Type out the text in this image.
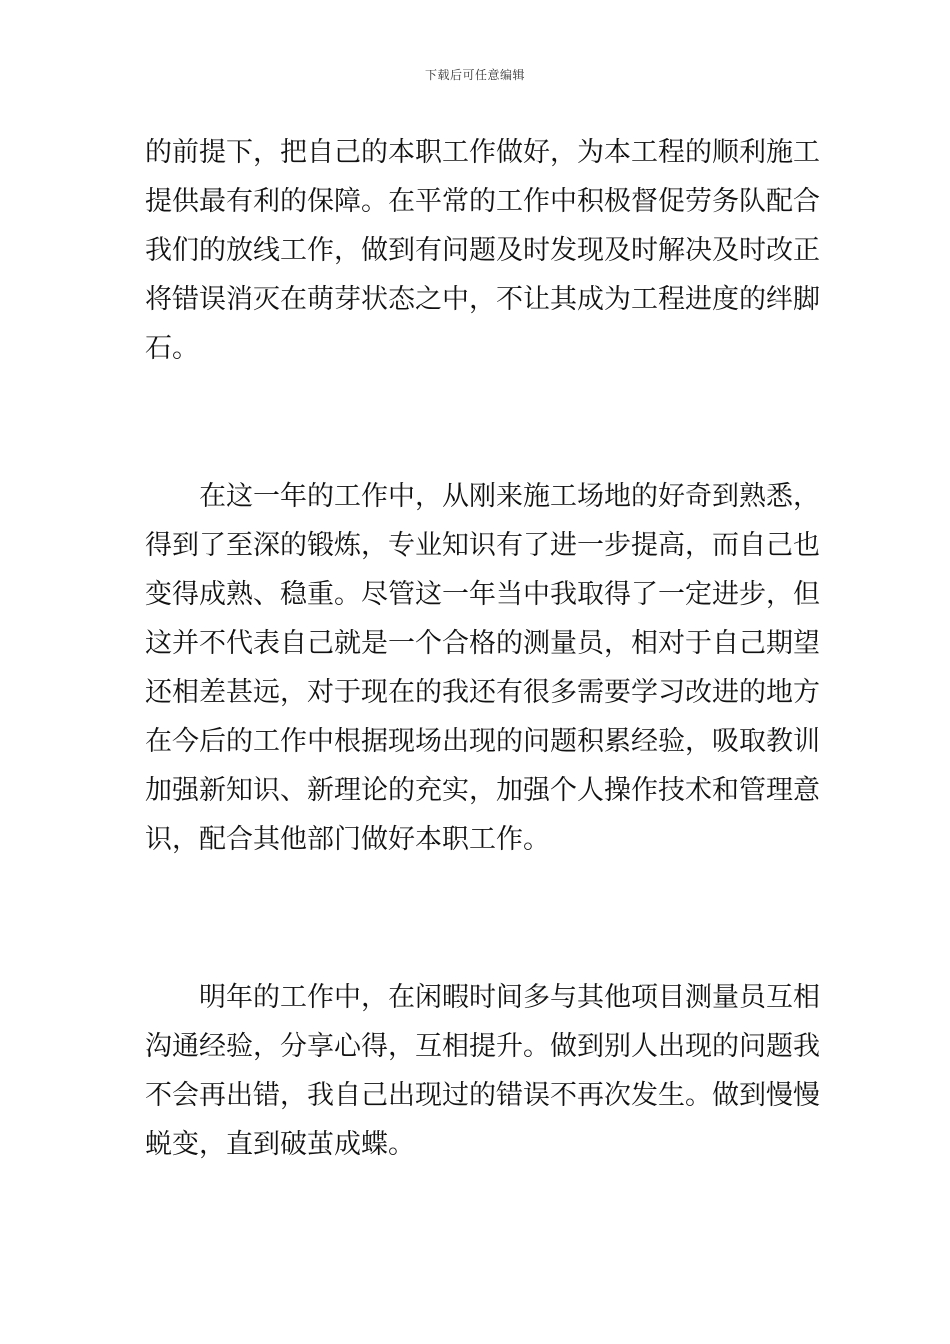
下载后可任意编辑
的前提下，把自己的本职工作做好，为本工程的顺利施工
提供最有利的保障。在平常的工作中积极督促劳务队配合
我们的放线工作，做到有问题及时发现及时解决及时改正
将错误消灭在萌芽状态之中，不让其成为工程进度的绊脚
石。
在这一年的工作中，从刚来施工场地的好奇到熟悉，
得到了至深的锻炼，专业知识有了进一步提高，而自己也
变得成熟、稳重。尽管这一年当中我取得了一定进步，但
这并不代表自己就是一个合格的测量员，相对于自己期望
还相差甚远，对于现在的我还有很多需要学习改进的地方
在今后的工作中根据现场出现的问题积累经验，吸取教训
加强新知识、新理论的充实，加强个人操作技术和管理意
识，配合其他部门做好本职工作。
明年的工作中，在闲暇时间多与其他项目测量员互相
沟通经验，分享心得，互相提升。做到别人出现的问题我
不会再出错，我自己出现过的错误不再次发生。做到慢慢
蜕变，直到破茧成蝶。
